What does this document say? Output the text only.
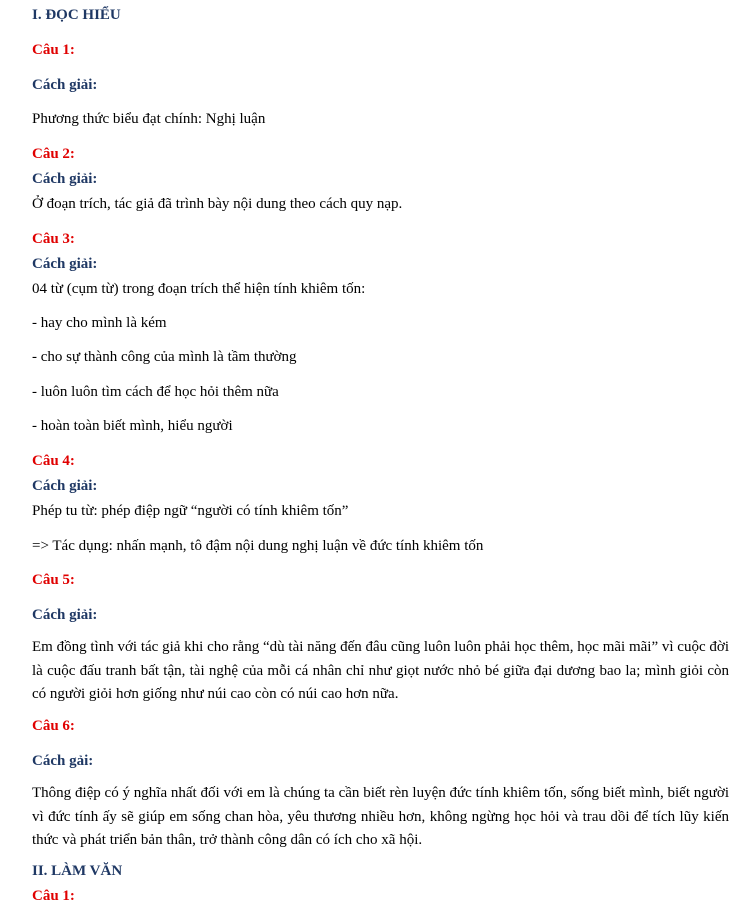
I. ĐỌC HIỂU
Câu 1:
Cách giải:
Phương thức biểu đạt chính: Nghị luận
Câu 2:
Cách giải:
Ở đoạn trích, tác giả đã trình bày nội dung theo cách quy nạp.
Câu 3:
Cách giải:
04 từ (cụm từ) trong đoạn trích thể hiện tính khiêm tốn:
- hay cho mình là kém
- cho sự thành công của mình là tầm thường
- luôn luôn tìm cách để học hỏi thêm nữa
- hoàn toàn biết mình, hiểu người
Câu 4:
Cách giải:
Phép tu từ: phép điệp ngữ “người có tính khiêm tốn”
=> Tác dụng: nhấn mạnh, tô đậm nội dung nghị luận về đức tính khiêm tốn
Câu 5:
Cách giải:
Em đồng tình với tác giả khi cho rằng “dù tài năng đến đâu cũng luôn luôn phải học thêm, học mãi mãi” vì cuộc đời là cuộc đấu tranh bất tận, tài nghệ của mỗi cá nhân chỉ như giọt nước nhỏ bé giữa đại dương bao la; mình giỏi còn có người giỏi hơn giống như núi cao còn có núi cao hơn nữa.
Câu 6:
Cách gải:
Thông điệp có ý nghĩa nhất đối với em là chúng ta cần biết rèn luyện đức tính khiêm tốn, sống biết mình, biết người vì đức tính ấy sẽ giúp em sống chan hòa, yêu thương nhiều hơn, không ngừng học hỏi và trau dồi để tích lũy kiến thức và phát triển bản thân, trở thành công dân có ích cho xã hội.
II. LÀM VĂN
Câu 1:
